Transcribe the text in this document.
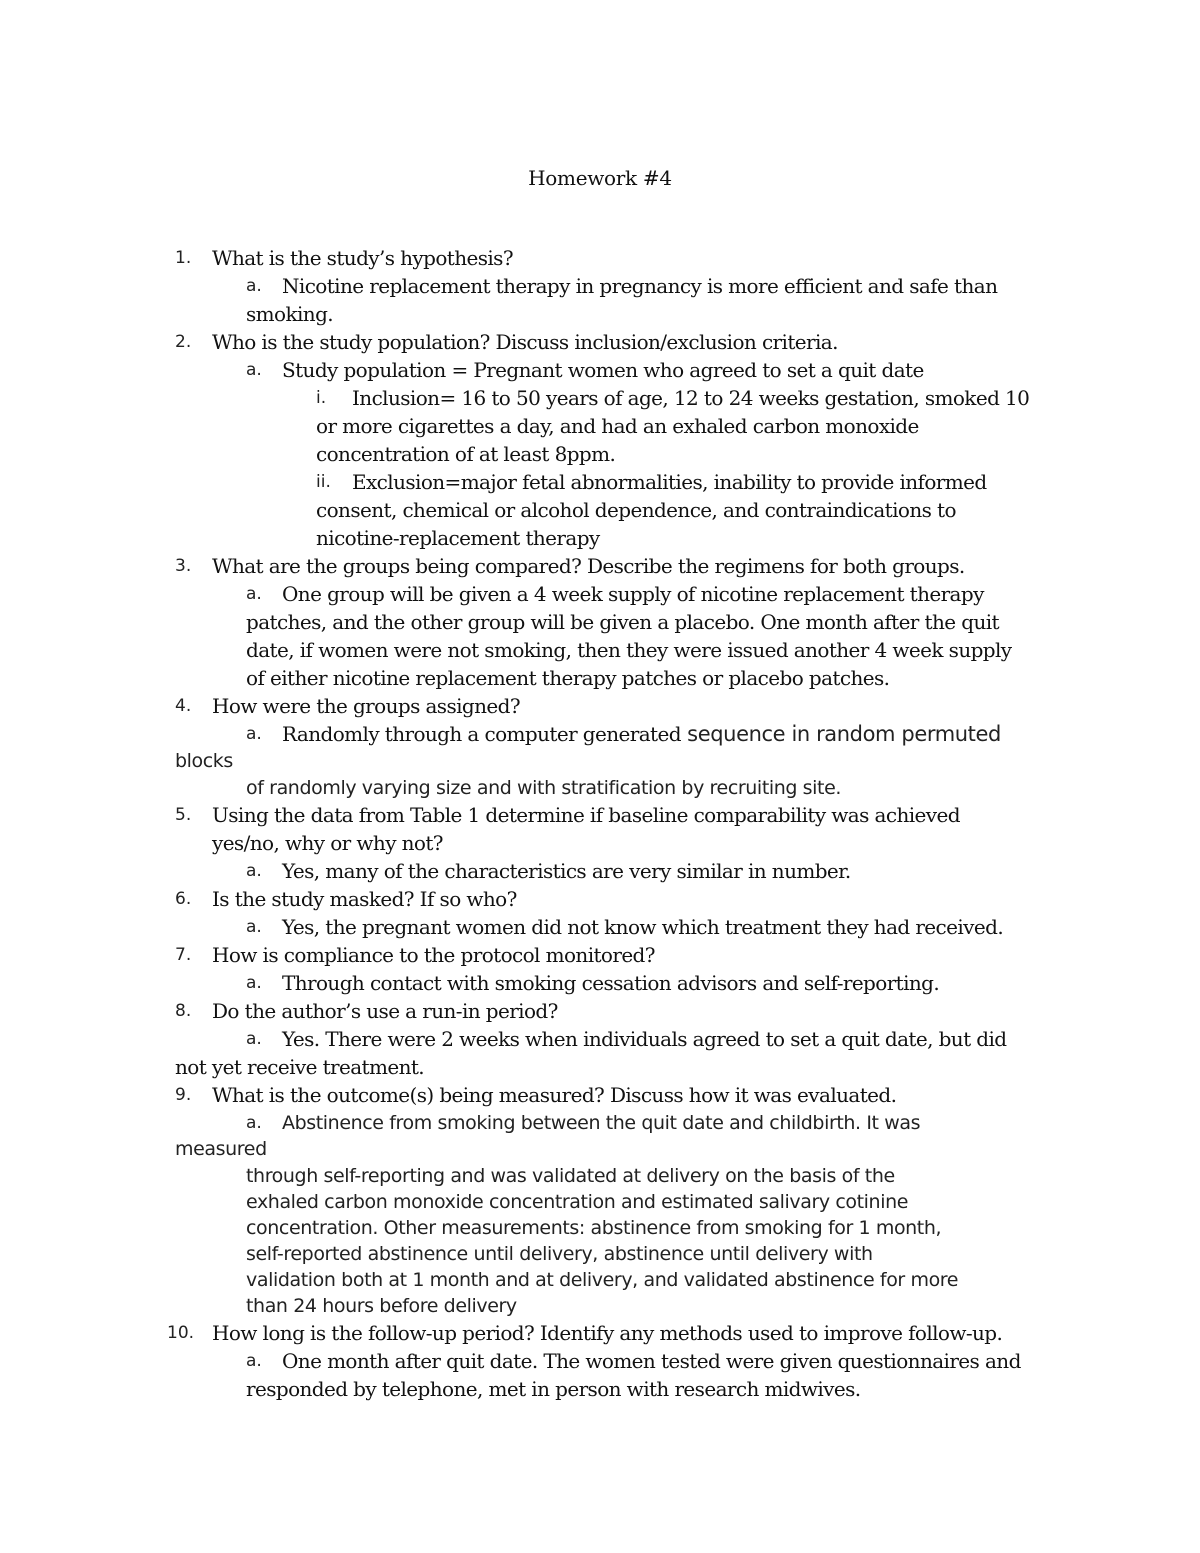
Homework #4
1. What is the study’s hypothesis?
a. Nicotine replacement therapy in pregnancy is more efficient and safe than
smoking.
2. Who is the study population? Discuss inclusion/exclusion criteria.
a. Study population = Pregnant women who agreed to set a quit date
i. Inclusion= 16 to 50 years of age, 12 to 24 weeks gestation, smoked 10
or more cigarettes a day, and had an exhaled carbon monoxide
concentration of at least 8ppm.
ii. Exclusion=major fetal abnormalities, inability to provide informed
consent, chemical or alcohol dependence, and contraindications to
nicotine-replacement therapy
3. What are the groups being compared? Describe the regimens for both groups.
a. One group will be given a 4 week supply of nicotine replacement therapy
patches, and the other group will be given a placebo. One month after the quit
date, if women were not smoking, then they were issued another 4 week supply
of either nicotine replacement therapy patches or placebo patches.
4. How were the groups assigned?
a. Randomly through a computer generated sequence in random permuted
blocks
of randomly varying size and with stratification by recruiting site.
5. Using the data from Table 1 determine if baseline comparability was achieved
yes/no, why or why not?
a. Yes, many of the characteristics are very similar in number.
6. Is the study masked? If so who?
a. Yes, the pregnant women did not know which treatment they had received.
7. How is compliance to the protocol monitored?
a. Through contact with smoking cessation advisors and self-reporting.
8. Do the author’s use a run-in period?
a. Yes. There were 2 weeks when individuals agreed to set a quit date, but did
not yet receive treatment.
9. What is the outcome(s) being measured? Discuss how it was evaluated.
a. Abstinence from smoking between the quit date and childbirth. It was
measured
through self-reporting and was validated at delivery on the basis of the
exhaled carbon monoxide concentration and estimated salivary cotinine
concentration. Other measurements: abstinence from smoking for 1 month,
self-reported abstinence until delivery, abstinence until delivery with
validation both at 1 month and at delivery, and validated abstinence for more
than 24 hours before delivery
10. How long is the follow-up period? Identify any methods used to improve follow-up.
a. One month after quit date. The women tested were given questionnaires and
responded by telephone, met in person with research midwives.
